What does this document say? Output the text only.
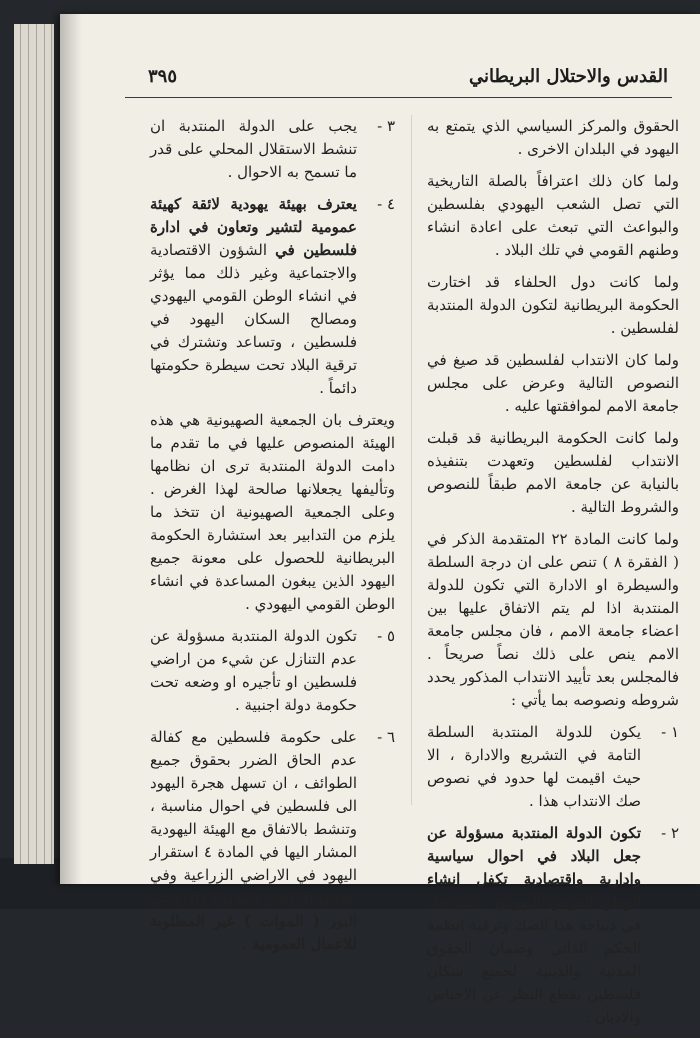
القدس والاحتلال البريطاني
٣٩٥

الحقوق والمركز السياسي الذي يتمتع به اليهود في البلدان الاخرى .

ولما كان ذلك اعترافاً بالصلة التاريخية التي تصل الشعب اليهودي بفلسطين والبواعث التي تبعث على اعادة انشاء وطنهم القومي في تلك البلاد .

ولما كانت دول الحلفاء قد اختارت الحكومة البريطانية لتكون الدولة المنتدبة لفلسطين .

ولما كان الانتداب لفلسطين قد صيغ في النصوص التالية وعرض على مجلس جامعة الامم لموافقتها عليه .

ولما كانت الحكومة البريطانية قد قبلت الانتداب لفلسطين وتعهدت بتنفيذه بالنيابة عن جامعة الامم طبقاً للنصوص والشروط التالية .

ولما كانت المادة ٢٢ المتقدمة الذكر في ( الفقرة ٨ ) تنص على ان درجة السلطة والسيطرة او الادارة التي تكون للدولة المنتدبة اذا لم يتم الاتفاق عليها بين اعضاء جامعة الامم ، فان مجلس جامعة الامم ينص على ذلك نصاً صريحاً . فالمجلس بعد تأييد الانتداب المذكور يحدد شروطه ونصوصه بما يأتي :

١ -
يكون للدولة المنتدبة السلطة التامة في التشريع والادارة ، الا حيث اقيمت لها حدود في نصوص صك الانتداب هذا .

٢ -
تكون الدولة المنتدبة مسؤولة عن جعل البلاد في احوال سياسية وادارية واقتصادية تكفل انشاء الوطن القومي اليهودي ، كما جاء في ديباجة هذا الصك وترقية انظمة الحكم الذاتي وضمان الحقوق المدنية والدينية لجميع سكان فلسطين بقطع النظر عن الاجناس والاديان .

٣ -
يجب على الدولة المنتدبة ان تنشط الاستقلال المحلي على قدر ما تسمح به الاحوال .

٤ -
يعترف بهيئة يهودية لائقة كهيئة عمومية لتشير وتعاون في ادارة فلسطين في الشؤون الاقتصادية والاجتماعية وغير ذلك مما يؤثر في انشاء الوطن القومي اليهودي ومصالح السكان اليهود في فلسطين ، وتساعد وتشترك في ترقية البلاد تحت سيطرة حكومتها دائماً .

ويعترف بان الجمعية الصهيونية هي هذه الهيئة المنصوص عليها في ما تقدم ما دامت الدولة المنتدبة ترى ان نظامها وتأليفها يجعلانها صالحة لهذا الغرض . وعلى الجمعية الصهيونية ان تتخذ ما يلزم من التدابير بعد استشارة الحكومة البريطانية للحصول على معونة جميع اليهود الذين يبغون المساعدة في انشاء الوطن القومي اليهودي .

٥ -
تكون الدولة المنتدبة مسؤولة عن عدم التنازل عن شيء من اراضي فلسطين او تأجيره او وضعه تحت حكومة دولة اجنبية .

٦ -
على حكومة فلسطين مع كفالة عدم الحاق الضرر بحقوق جميع الطوائف ، ان تسهل هجرة اليهود الى فلسطين في احوال مناسبة ، وتنشط بالاتفاق مع الهيئة اليهودية المشار اليها في المادة ٤ استقرار اليهود في الاراضي الزراعية وفي جملتها الاراضي المدورة والاراضي البور ( الموات ) غير المطلوبة للاعمال العمومية .
